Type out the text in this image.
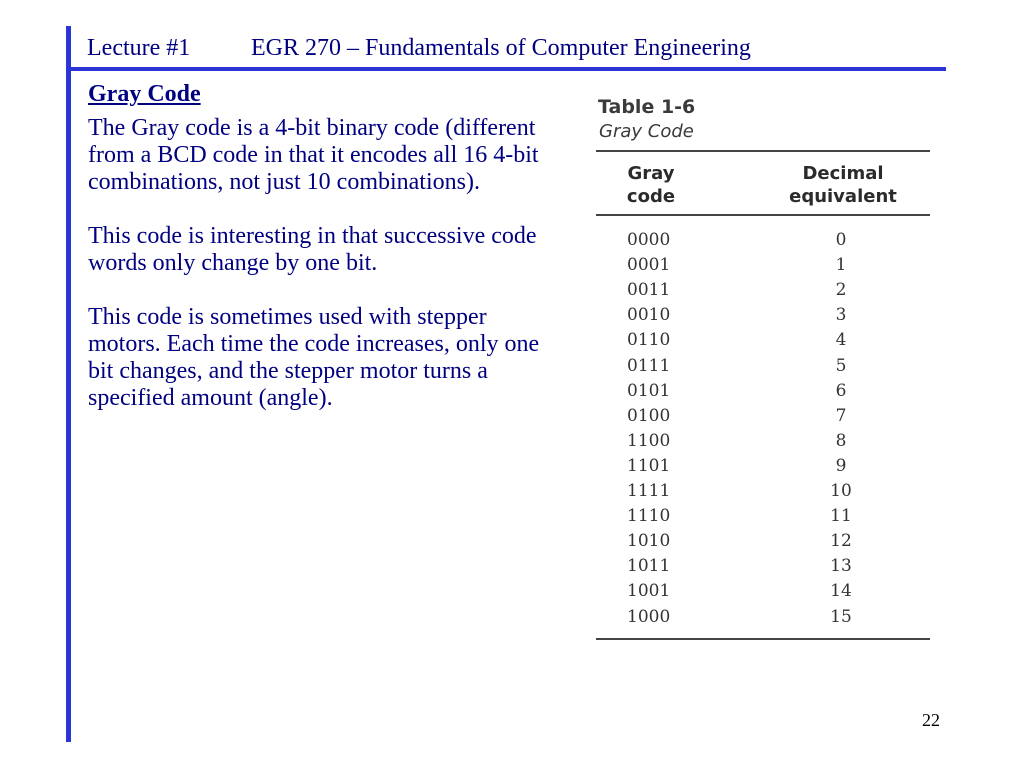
Lecture #1	EGR 270 – Fundamentals of Computer Engineering
Gray Code

The Gray code is a 4-bit binary code (different from a BCD code in that it encodes all 16 4-bit combinations, not just 10 combinations).

This code is interesting in that successive code words only change by one bit.

This code is sometimes used with stepper motors. Each time the code increases, only one bit changes, and the stepper motor turns a specified amount (angle).

Table 1-6
Gray Code
Gray
code
Decimal
equivalent
0000	0
0001	1
0011	2
0010	3
0110	4
0111	5
0101	6
0100	7
1100	8
1101	9
1111	10
1110	11
1010	12
1011	13
1001	14
1000	15
22
